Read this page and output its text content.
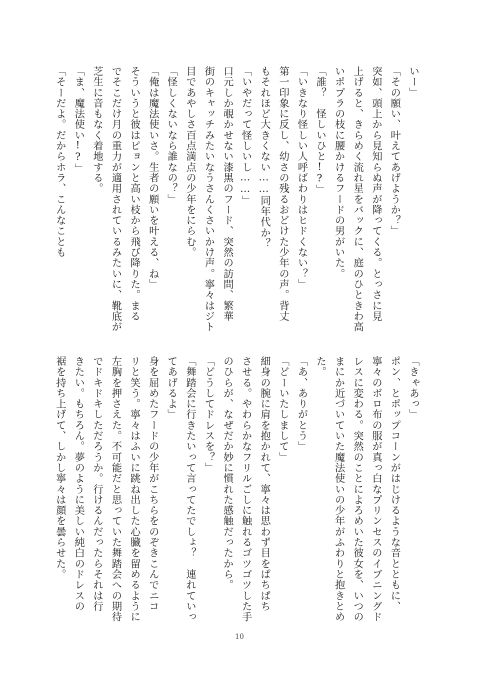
いー」
「その願い、叶えてあげようか？」
突如、頭上から見知らぬ声が降ってくる。とっさに見
上げると、きらめく流れ星をバックに、庭のひときわ高
いポプラの枝に腰かけるフードの男がいた。
「誰？　怪しいひと!?」
「いきなり怪しい人呼ばわりはヒドくない？」
第一印象に反し、幼さの残るおどけた少年の声。背丈
もそれほど大きくない……同年代か？
「いやだって怪しいし……」
口元しか覗かせない漆黒のフード、突然の訪問、繁華
街のキャッチみたいなうさんくさいかけ声。寧々はジト
目であやしさ百点満点の少年をにらむ。
「怪しくないなら誰なの？」
「俺は魔法使いさ。生者の願いを叶える、ね」
そういうと彼はピョンと高い枝から飛び降りた。まる
でそこだけ月の重力が適用されているみたいに、靴底が
芝生に音もなく着地する。
「ま、魔法使い!?」
「そーだよ。だからホラ、こんなことも
「きゃあっ」
ポン、とポップコーンがはじけるような音とともに、
寧々のボロ布の服が真っ白なプリンセスのイブニングド
レスに変わる。突然のことによろめいた彼女を、いつの
まにか近づいていた魔法使いの少年がふわりと抱きとめ
た。
「あ、ありがとう」
「どーいたしまして」
細身の腕に肩を抱かれて、寧々は思わず目をぱちぱち
させる。やわらかなフリルごしに触れるゴツゴツした手
のひらが、なぜだか妙に慣れた感触だったから。
「どうしてドレスを？」
「舞踏会に行きたいって言ってたでしょ？　連れていっ
てあげるよ」
身を屈めたフードの少年がこちらをのぞきこんでニコ
リと笑う。寧々はふいに跳ね出した心臓を留めるように
左胸を押さえた。不可能だと思っていた舞踏会への期待
でドキドキしただろうか。行けるんだったらそれは行
きたい。もちろん。夢のように美しい純白のドレスの
裾を持ち上げて、しかし寧々は顔を曇らせた。
10
